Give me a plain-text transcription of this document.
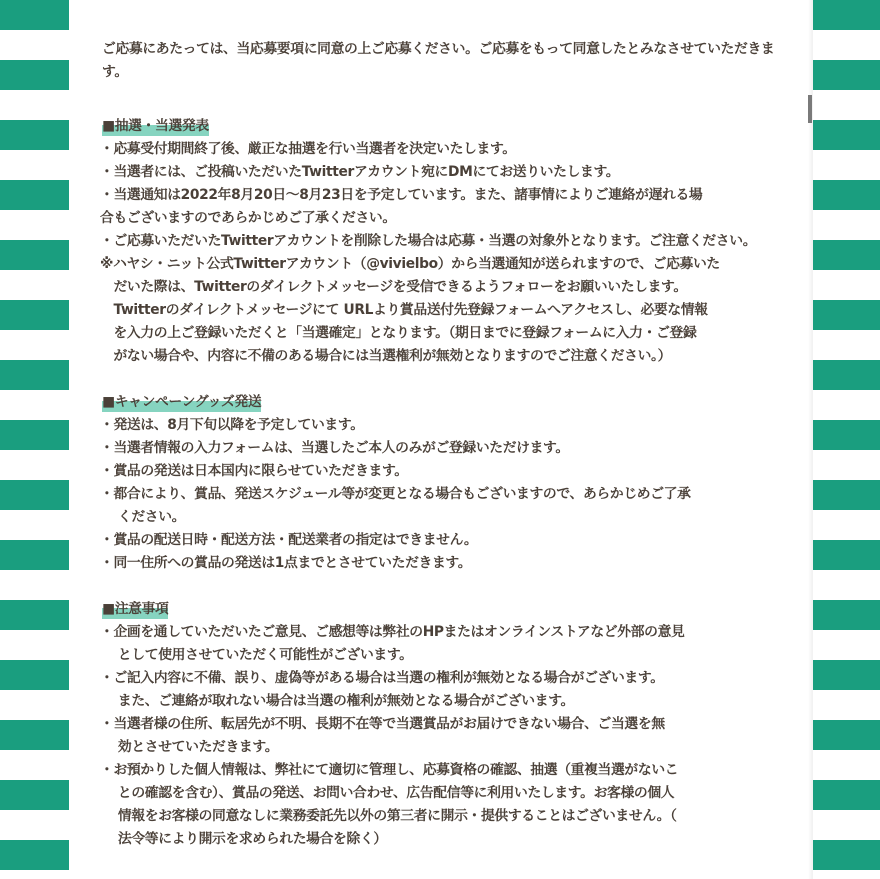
ご応募にあたっては、当応募要項に同意の上ご応募ください。ご応募をもって同意したとみなさせていただきます。

■抽選・当選発表
・応募受付期間終了後、厳正な抽選を行い当選者を決定いたします。
・当選者には、ご投稿いただいたTwitterアカウント宛にDMにてお送りいたします。
・当選通知は2022年8月20日〜8月23日を予定しています。また、諸事情によりご連絡が遅れる場
合もございますのであらかじめご了承ください。
・ご応募いただいたTwitterアカウントを削除した場合は応募・当選の対象外となります。ご注意ください。
※ハヤシ・ニット公式Twitterアカウント（@vivielbo）から当選通知が送られますので、ご応募いた
　だいた際は、Twitterのダイレクトメッセージを受信できるようフォローをお願いいたします。
　Twitterのダイレクトメッセージにて URLより賞品送付先登録フォームへアクセスし、必要な情報
　を入力の上ご登録いただくと「当選確定」となります。（期日までに登録フォームに入力・ご登録
　がない場合や、内容に不備のある場合には当選権利が無効となりますのでご注意ください。）
■キャンペーングッズ発送
・発送は、8月下旬以降を予定しています。
・当選者情報の入力フォームは、当選したご本人のみがご登録いただけます。
・賞品の発送は日本国内に限らせていただきます。
・都合により、賞品、発送スケジュール等が変更となる場合もございますので、あらかじめご了承
　 ください。
・賞品の配送日時・配送方法・配送業者の指定はできません。
・同一住所への賞品の発送は1点までとさせていただきます。
■注意事項
・企画を通していただいたご意見、ご感想等は弊社のHPまたはオンラインストアなど外部の意見
　 として使用させていただく可能性がございます。
・ご記入内容に不備、誤り、虚偽等がある場合は当選の権利が無効となる場合がございます。
　 また、ご連絡が取れない場合は当選の権利が無効となる場合がございます。
・当選者様の住所、転居先が不明、長期不在等で当選賞品がお届けできない場合、ご当選を無
　 効とさせていただきます。
・お預かりした個人情報は、弊社にて適切に管理し、応募資格の確認、抽選（重複当選がないこ
　 との確認を含む）、賞品の発送、お問い合わせ、広告配信等に利用いたします。お客様の個人
　 情報をお客様の同意なしに業務委託先以外の第三者に開示・提供することはございません。（
　 法令等により開示を求められた場合を除く）
